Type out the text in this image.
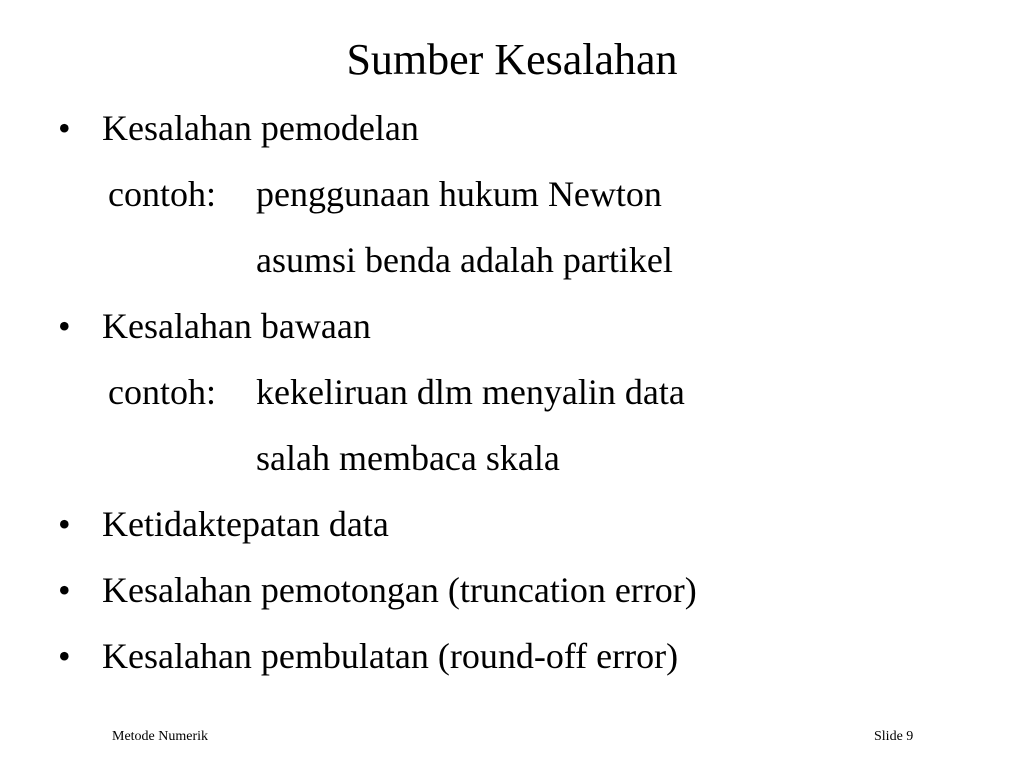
Sumber Kesalahan
• Kesalahan pemodelan
contoh: penggunaan hukum Newton
asumsi benda adalah partikel
• Kesalahan bawaan
contoh: kekeliruan dlm menyalin data
salah membaca skala
• Ketidaktepatan data
• Kesalahan pemotongan (truncation error)
• Kesalahan pembulatan (round-off error)
Metode Numerik	Slide 9
